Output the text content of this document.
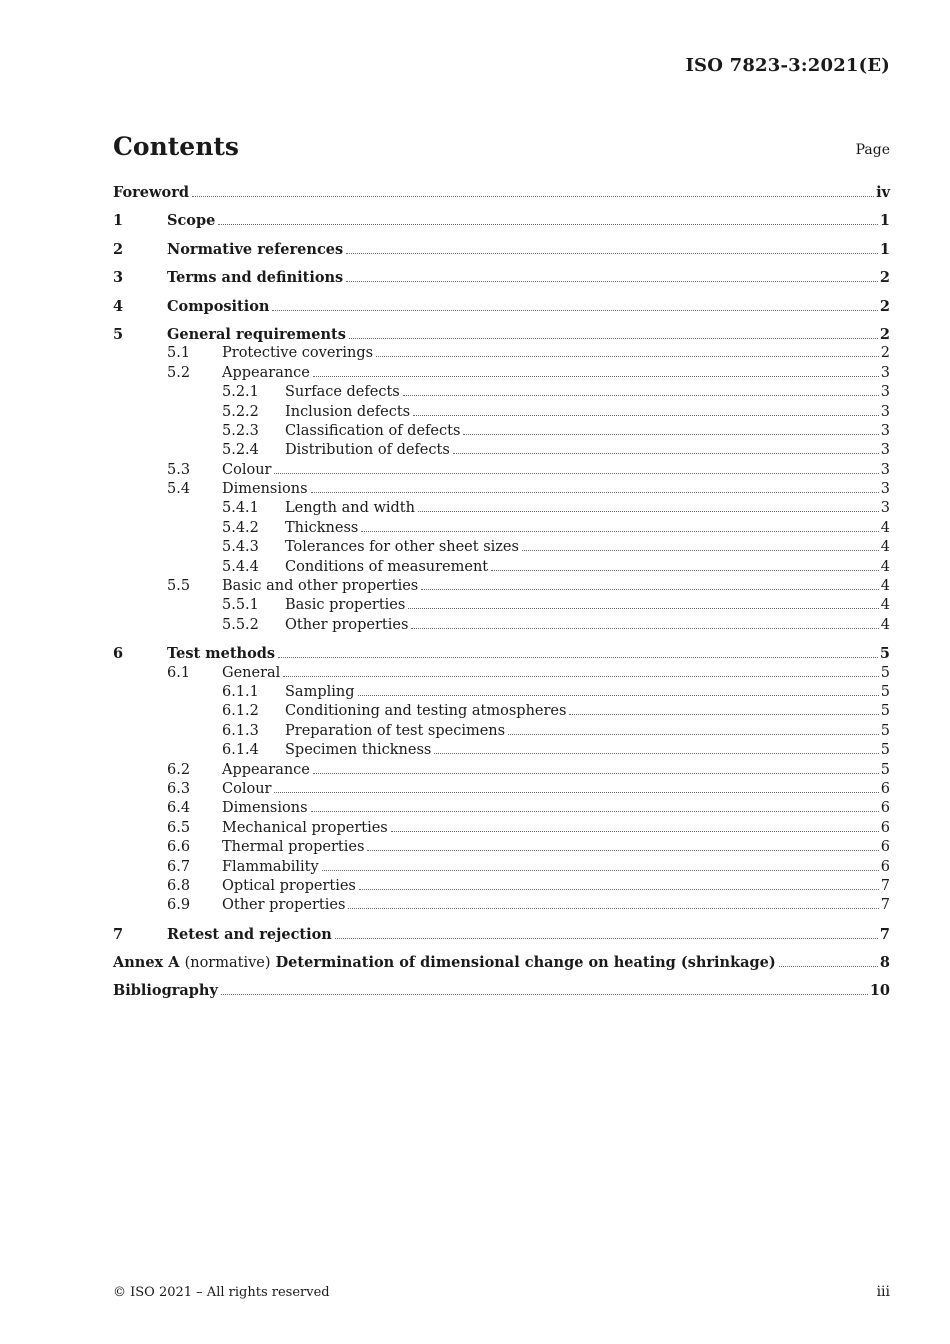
ISO 7823-3:2021(E)
Contents	Page
Foreword	iv
1	Scope	1
2	Normative references	1
3	Terms and definitions	2
4	Composition	2
5	General requirements	2
5.1	Protective coverings	2
5.2	Appearance	3
5.2.1	Surface defects	3
5.2.2	Inclusion defects	3
5.2.3	Classification of defects	3
5.2.4	Distribution of defects	3
5.3	Colour	3
5.4	Dimensions	3
5.4.1	Length and width	3
5.4.2	Thickness	4
5.4.3	Tolerances for other sheet sizes	4
5.4.4	Conditions of measurement	4
5.5	Basic and other properties	4
5.5.1	Basic properties	4
5.5.2	Other properties	4
6	Test methods	5
6.1	General	5
6.1.1	Sampling	5
6.1.2	Conditioning and testing atmospheres	5
6.1.3	Preparation of test specimens	5
6.1.4	Specimen thickness	5
6.2	Appearance	5
6.3	Colour	6
6.4	Dimensions	6
6.5	Mechanical properties	6
6.6	Thermal properties	6
6.7	Flammability	6
6.8	Optical properties	7
6.9	Other properties	7
7	Retest and rejection	7
Annex A (normative) Determination of dimensional change on heating (shrinkage)	8
Bibliography	10
© ISO 2021 – All rights reserved	iii
